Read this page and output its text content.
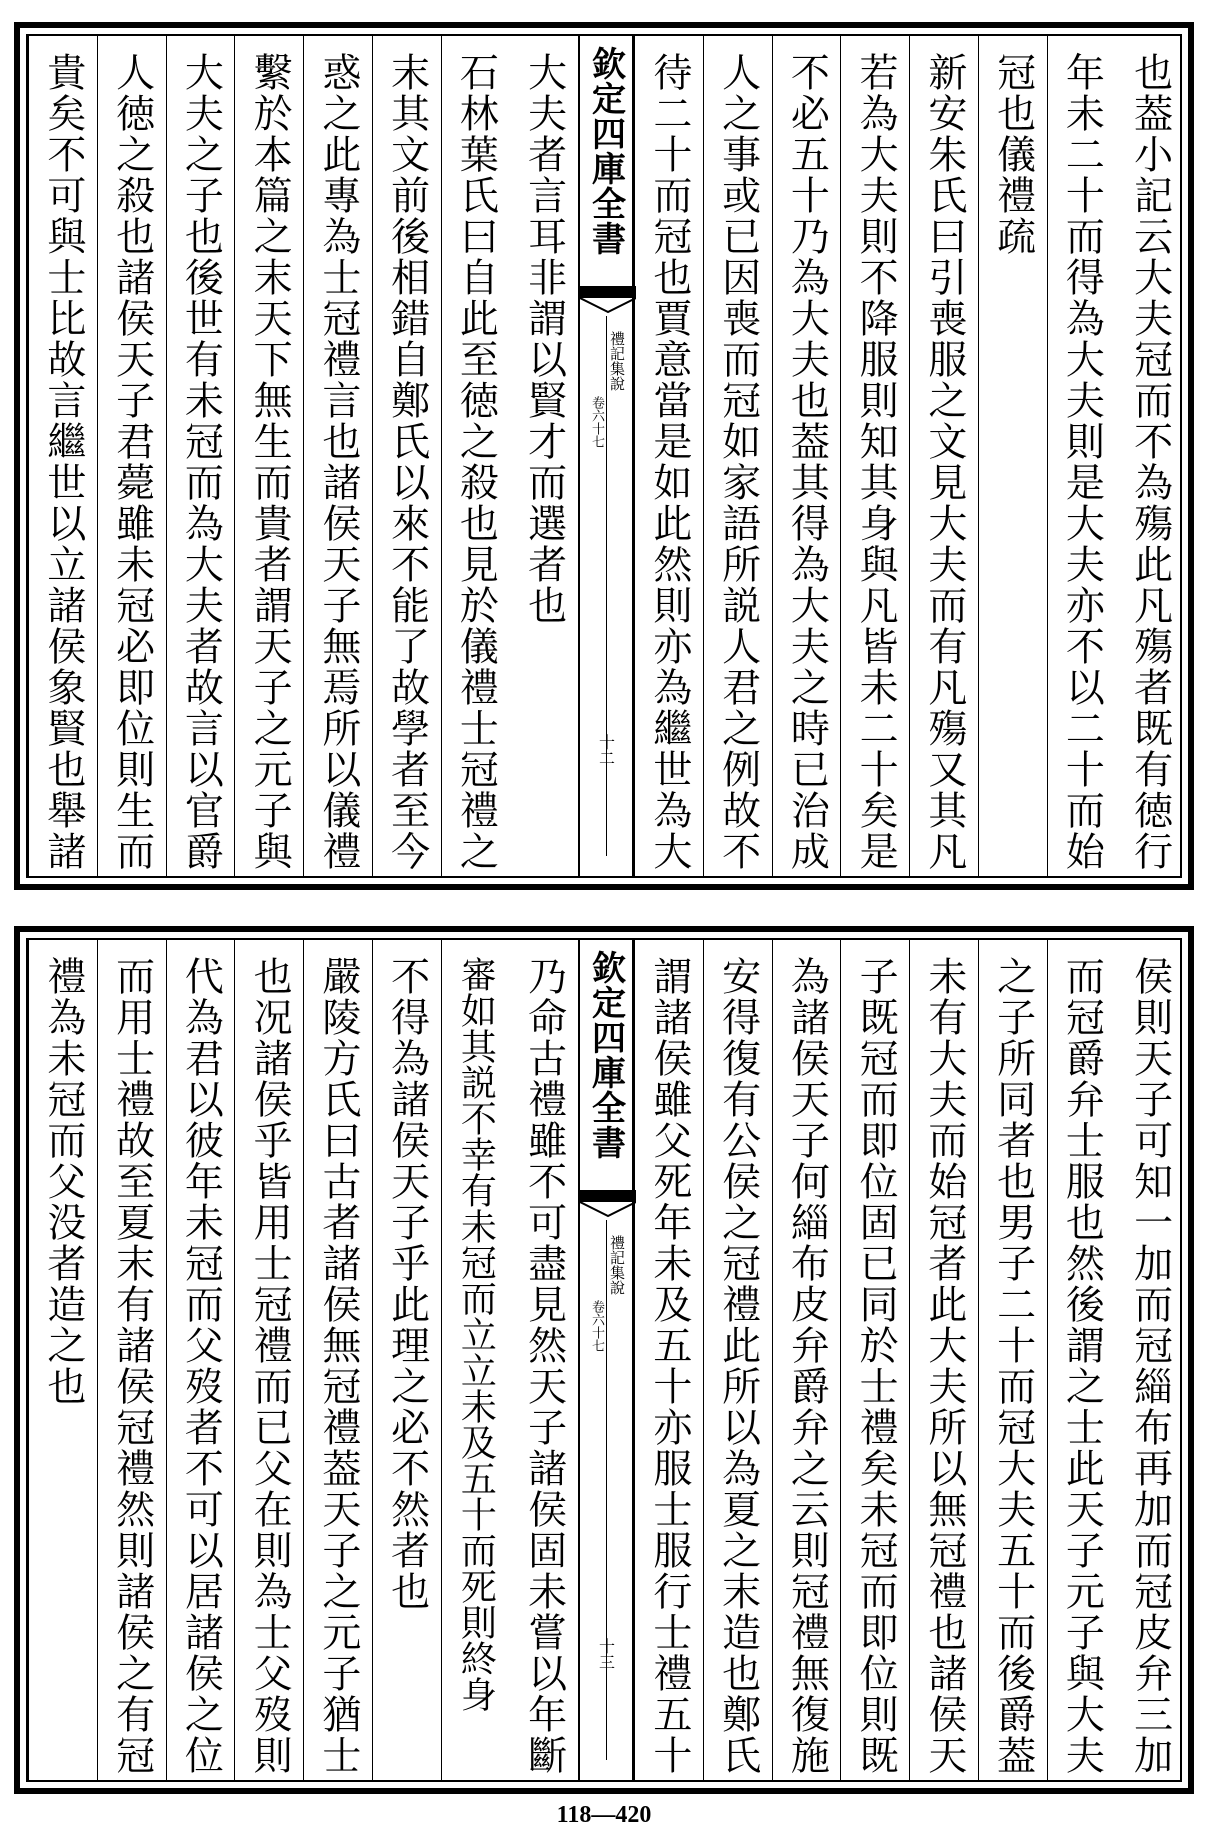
也葢小記云大夫冠而不為殤此凡殤者既有徳行
年未二十而得為大夫則是大夫亦不以二十而始
冠也儀禮疏
新安朱氏曰引喪服之文見大夫而有凡殤又其凡
若為大夫則不降服則知其身與凡皆未二十矣是
不必五十乃為大夫也葢其得為大夫之時已治成
人之事或已因喪而冠如家語所説人君之例故不
待二十而冠也賈意當是如此然則亦為繼世為大
欽定四庫全書
禮記集說
卷六十七
十二
大夫者言耳非謂以賢才而選者也
石林葉氏曰自此至徳之殺也見於儀禮士冠禮之
末其文前後相錯自鄭氏以來不能了故學者至今
惑之此專為士冠禮言也諸侯天子無焉所以儀禮
繫於本篇之末天下無生而貴者謂天子之元子與
大夫之子也後世有未冠而為大夫者故言以官爵
人徳之殺也諸侯天子君薨雖未冠必即位則生而
貴矣不可與士比故言繼世以立諸侯象賢也舉諸
侯則天子可知一加而冠緇布再加而冠皮弁三加
而冠爵弁士服也然後謂之士此天子元子與大夫
之子所同者也男子二十而冠大夫五十而後爵葢
未有大夫而始冠者此大夫所以無冠禮也諸侯天
子既冠而即位固已同於士禮矣未冠而即位則既
為諸侯天子何緇布皮弁爵弁之云則冠禮無復施
安得復有公侯之冠禮此所以為夏之末造也鄭氏
謂諸侯雖父死年未及五十亦服士服行士禮五十
欽定四庫全書
禮記集說
卷六十七
十三
乃命古禮雖不可盡見然天子諸侯固未嘗以年斷
審如其説不幸有未冠而立立未及五十而死則終身
不得為諸侯天子乎此理之必不然者也
嚴陵方氏曰古者諸侯無冠禮葢天子之元子猶士
也况諸侯乎皆用士冠禮而已父在則為士父歿則
代為君以彼年未冠而父歿者不可以居諸侯之位
而用士禮故至夏末有諸侯冠禮然則諸侯之有冠
禮為未冠而父没者造之也
118—420
